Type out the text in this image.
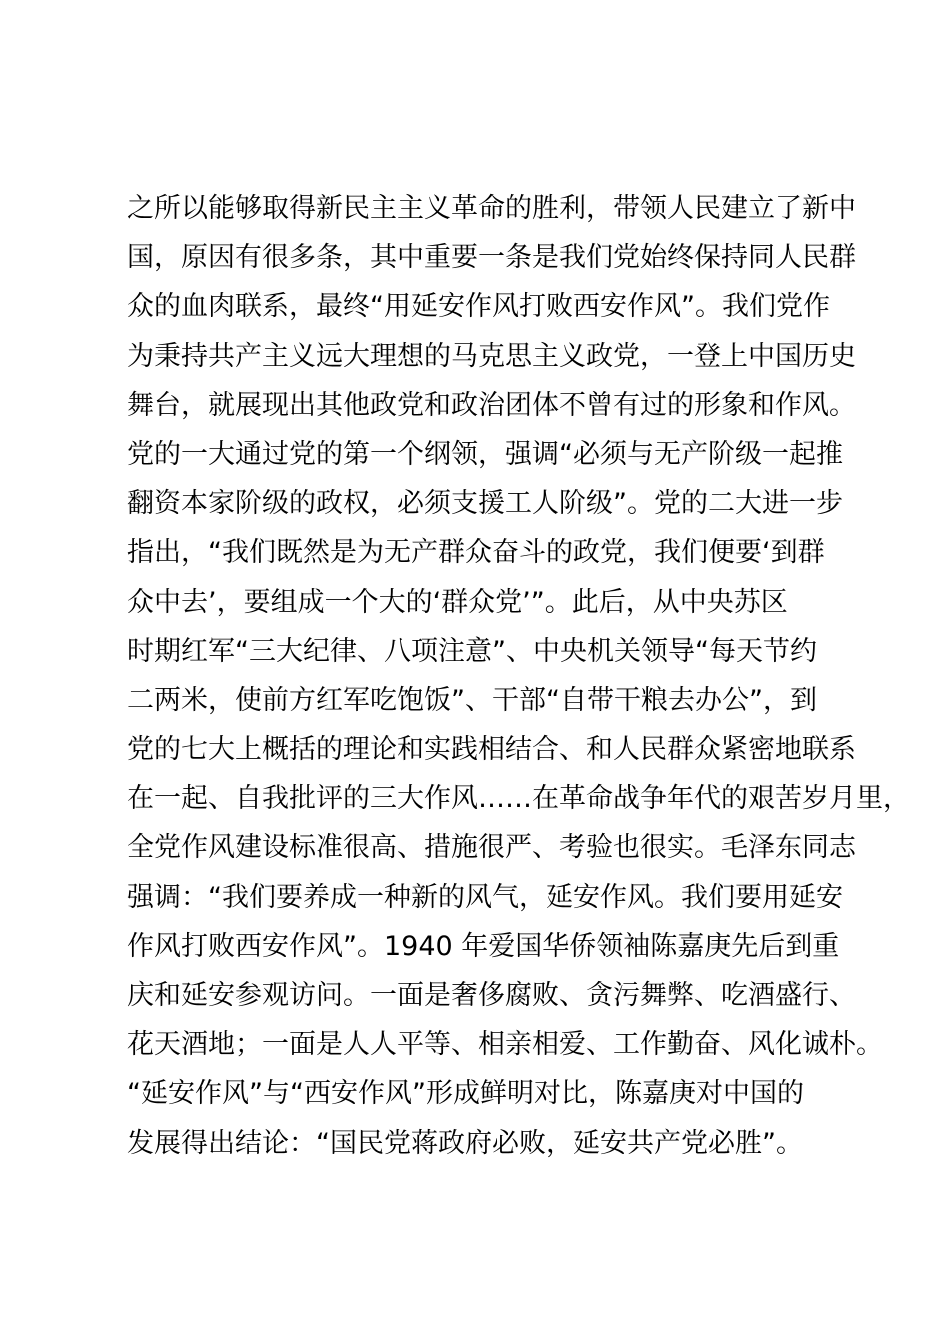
之所以能够取得新民主主义革命的胜利，带领人民建立了新中
国，原因有很多条，其中重要一条是我们党始终保持同人民群
众的血肉联系，最终“用延安作风打败西安作风”。我们党作
为秉持共产主义远大理想的马克思主义政党，一登上中国历史
舞台，就展现出其他政党和政治团体不曾有过的形象和作风。
党的一大通过党的第一个纲领，强调“必须与无产阶级一起推
翻资本家阶级的政权，必须支援工人阶级”。党的二大进一步
指出，“我们既然是为无产群众奋斗的政党，我们便要‘到群
众中去’，要组成一个大的‘群众党’”。此后，从中央苏区
时期红军“三大纪律、八项注意”、中央机关领导“每天节约
二两米，使前方红军吃饱饭”、干部“自带干粮去办公”，到
党的七大上概括的理论和实践相结合、和人民群众紧密地联系
在一起、自我批评的三大作风……在革命战争年代的艰苦岁月里，
全党作风建设标准很高、措施很严、考验也很实。毛泽东同志
强调：“我们要养成一种新的风气，延安作风。我们要用延安
作风打败西安作风”。1940 年爱国华侨领袖陈嘉庚先后到重
庆和延安参观访问。一面是奢侈腐败、贪污舞弊、吃酒盛行、
花天酒地；一面是人人平等、相亲相爱、工作勤奋、风化诚朴。
“延安作风”与“西安作风”形成鲜明对比，陈嘉庚对中国的
发展得出结论：“国民党蒋政府必败，延安共产党必胜”。
